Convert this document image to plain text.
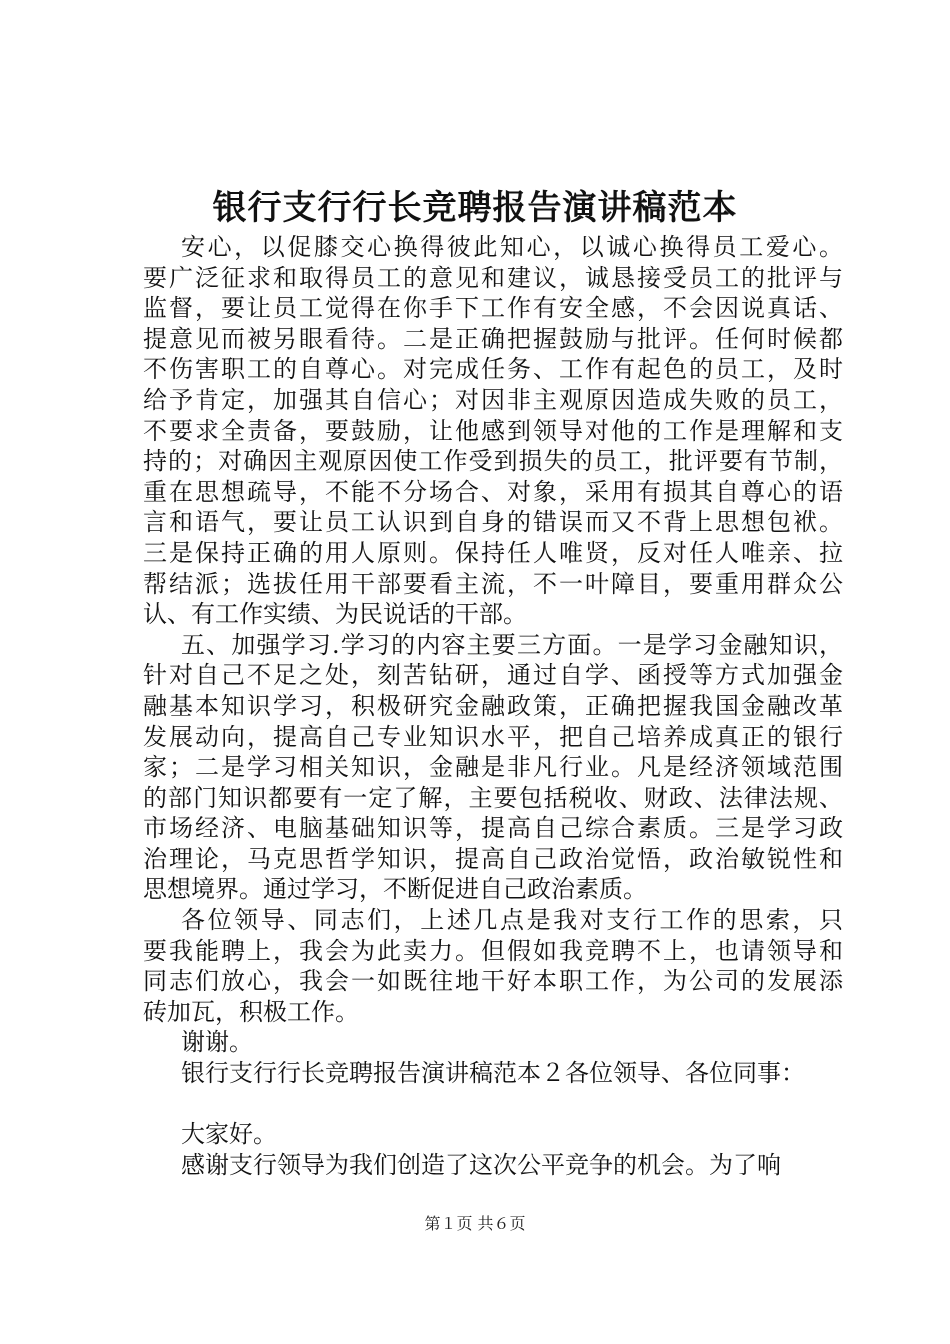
银行支行行长竞聘报告演讲稿范本
安心，以促膝交心换得彼此知心，以诚心换得员工爱心。
要广泛征求和取得员工的意见和建议，诚恳接受员工的批评与
监督，要让员工觉得在你手下工作有安全感，不会因说真话、
提意见而被另眼看待。二是正确把握鼓励与批评。任何时候都
不伤害职工的自尊心。对完成任务、工作有起色的员工，及时
给予肯定，加强其自信心；对因非主观原因造成失败的员工，
不要求全责备，要鼓励，让他感到领导对他的工作是理解和支
持的；对确因主观原因使工作受到损失的员工，批评要有节制，
重在思想疏导，不能不分场合、对象，采用有损其自尊心的语
言和语气，要让员工认识到自身的错误而又不背上思想包袱。
三是保持正确的用人原则。保持任人唯贤，反对任人唯亲、拉
帮结派；选拔任用干部要看主流，不一叶障目，要重用群众公
认、有工作实绩、为民说话的干部。
五、加强学习.学习的内容主要三方面。一是学习金融知识，
针对自己不足之处，刻苦钻研，通过自学、函授等方式加强金
融基本知识学习，积极研究金融政策，正确把握我国金融改革
发展动向，提高自己专业知识水平，把自己培养成真正的银行
家；二是学习相关知识，金融是非凡行业。凡是经济领域范围
的部门知识都要有一定了解，主要包括税收、财政、法律法规、
市场经济、电脑基础知识等，提高自己综合素质。三是学习政
治理论，马克思哲学知识，提高自己政治觉悟，政治敏锐性和
思想境界。通过学习，不断促进自己政治素质。
各位领导、同志们，上述几点是我对支行工作的思索，只
要我能聘上，我会为此卖力。但假如我竞聘不上，也请领导和
同志们放心，我会一如既往地干好本职工作，为公司的发展添
砖加瓦，积极工作。
谢谢。
银行支行行长竞聘报告演讲稿范本２各位领导、各位同事：
大家好。
感谢支行领导为我们创造了这次公平竞争的机会。为了响
第１页 共６页
